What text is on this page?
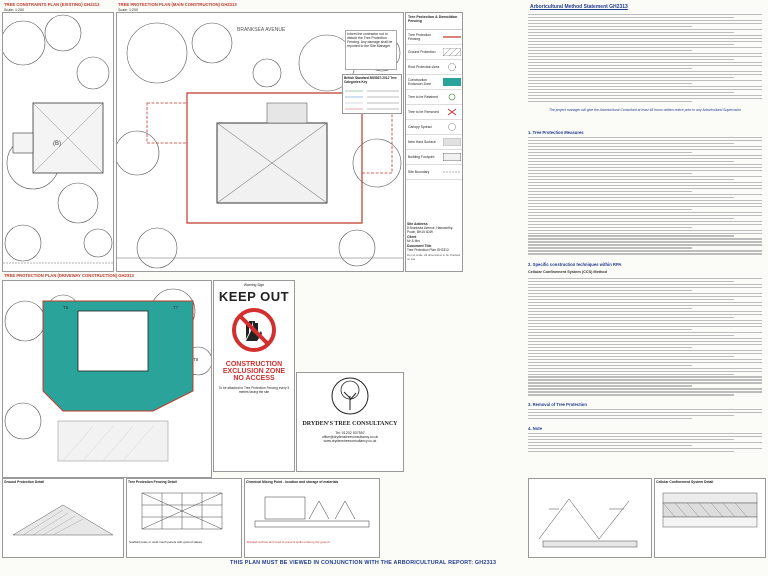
TREE CONSTRAINTS PLAN (EXISTING) GH2313
Scale: 1:200
(B)
TREE PROTECTION PLAN (MAIN CONSTRUCTION) GH2313
Scale: 1:200
BRANKSEA AVENUE
Inform the contractor not to disturb the Tree Protection Fencing. Any damage shall be reported to the Site Manager
British Standard BS5837:2012 Tree Categories Key
Tree Protection & Demolition Fencing
Tree Protection Fencing
Ground Protection
Root Protection Area
Construction Exclusion Zone
Tree to be Retained
Tree to be Removed
Canopy Spread
New Hard Surface
Building Footprint
Site Boundary
Site Address
8 Branksea Avenue, Hamworthy, Poole, BH15 4DW
Client
Mr & Mrs
Document Title
Tree Protection Plan GH2313
Do not scale. All dimensions to be checked on site.
TREE PROTECTION PLAN (DRIVEWAY CONSTRUCTION) GH2313
T7
T5
T8
Warning Sign
KEEP OUT
CONSTRUCTION
EXCLUSION ZONE
NO ACCESS
To be attached to Tree Protection Fencing every 5 metres facing the site
DRYDEN'S TREE CONSULTANCY
Tel: 01202 537557
office@drydenstreeconsultancy.co.uk
www.drydenstreeconsultancy.co.uk
Ground Protection Detail	Tree Protection Fencing Detail
Scaffold poles or weld mesh panels with ground stakes
Chemical Mixing Point - location and storage of materials
Bunded surface and lined to prevent spills entering the ground
Cellular Confinement System Detail
Arboricultural Method Statement GH2313
The project manager will give the Arboricultural Consultant at least 48 hours written notice prior to any Arboricultural Supervision
1. Tree Protection Measures
2. Specific construction techniques within RPA
Cellular Confinement System (CCS) Method
3. Removal of Tree Protection
4. Note
THIS PLAN MUST BE VIEWED IN CONJUNCTION WITH THE ARBORICULTURAL REPORT: GH2313
